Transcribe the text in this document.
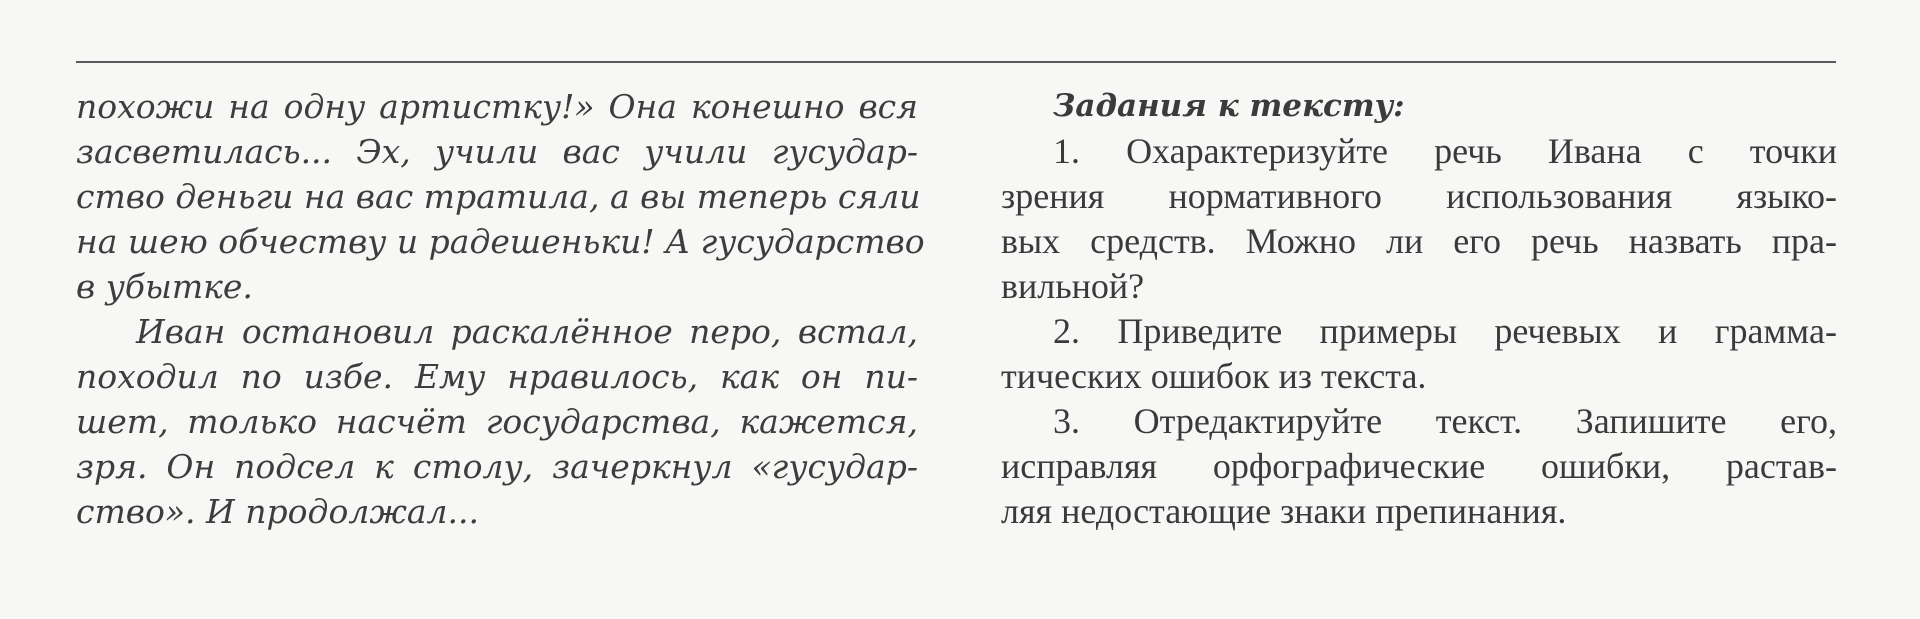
похожи на одну артистку!» Она конешно вся
засветилась... Эх, учили вас учили гусудар-
ство деньги на вас тратила, а вы теперь сяли
на шею обчеству и радешеньки! А гусударство
в убытке.

Иван остановил раскалённое перо, встал,
походил по избе. Ему нравилось, как он пи-
шет, только насчёт государства, кажется,
зря. Он подсел к столу, зачеркнул «гусудар-
ство». И продолжал...

Задания к тексту:

1. Охарактеризуйте речь Ивана с точки
зрения нормативного использования языко-
вых средств. Можно ли его речь назвать пра-
вильной?

2. Приведите примеры речевых и граммa-
тических ошибок из текста.

3. Отредактируйте текст. Запишите его,
исправляя орфографические ошибки, растав-
ляя недостающие знаки препинания.
